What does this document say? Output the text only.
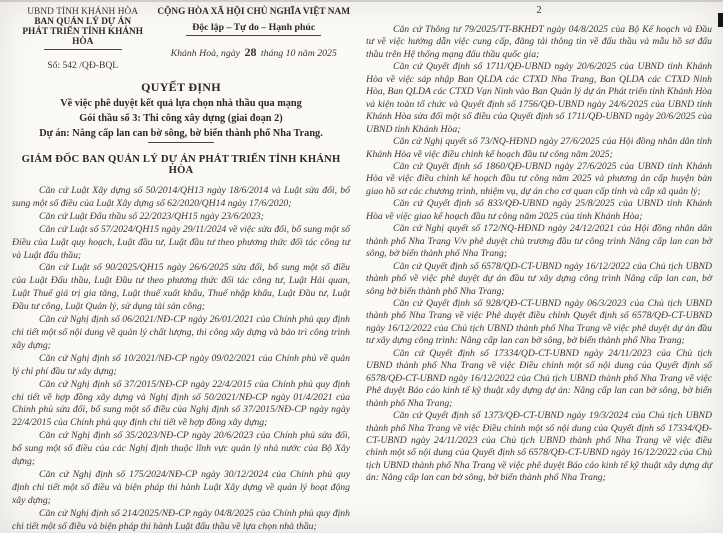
UBND TỈNH KHÁNH HÒA
BAN QUẢN LÝ DỰ ÁN
PHÁT TRIỂN TỈNH KHÁNH HÒA
Số: 542 /QĐ-BQL
CỘNG HÒA XÃ HỘI CHỦ NGHĨA VIỆT NAM
Độc lập – Tự do – Hạnh phúc
Khánh Hoà, ngày 28 tháng 10 năm 2025
QUYẾT ĐỊNH
Về việc phê duyệt kết quả lựa chọn nhà thầu qua mạng
Gói thầu số 3: Thi công xây dựng (giai đoạn 2)
Dự án: Nâng cấp lan can bờ sông, bờ biển thành phố Nha Trang.
GIÁM ĐỐC BAN QUẢN LÝ DỰ ÁN PHÁT TRIỂN TỈNH KHÁNH HÒA

Căn cứ Luật Xây dựng số 50/2014/QH13 ngày 18/6/2014 và Luật sửa đổi, bổ sung một số điều của Luật Xây dựng số 62/2020/QH14 ngày 17/6/2020;

Căn cứ Luật Đấu thầu số 22/2023/QH15 ngày 23/6/2023;

Căn cứ Luật số 57/2024/QH15 ngày 29/11/2024 về việc sửa đổi, bổ sung một số Điều của Luật quy hoạch, Luật đầu tư, Luật đầu tư theo phương thức đối tác công tư và Luật đấu thầu;

Căn cứ Luật số 90/2025/QH15 ngày 26/6/2025 sửa đổi, bổ sung một số điều của Luật Đấu thầu, Luật Đầu tư theo phương thức đối tác công tư, Luật Hải quan, Luật Thuế giá trị gia tăng, Luật thuế xuất khẩu, Thuế nhập khẩu, Luật Đầu tư, Luật Đầu tư công, Luật Quản lý, sử dụng tài sản công;

Căn cứ Nghị định số 06/2021/NĐ-CP ngày 26/01/2021 của Chính phủ quy định chi tiết một số nội dung về quản lý chất lượng, thi công xây dựng và bảo trì công trình xây dựng;

Căn cứ Nghị định số 10/2021/NĐ-CP ngày 09/02/2021 của Chính phủ về quản lý chi phí đầu tư xây dựng;

Căn cứ Nghị định số 37/2015/NĐ-CP ngày 22/4/2015 của Chính phủ quy định chi tiết về hợp đồng xây dựng và Nghị định số 50/2021/NĐ-CP ngày 01/4/2021 của Chính phủ sửa đổi, bổ sung một số điều của Nghị định số 37/2015/NĐ-CP ngày ngày 22/4/2015 của Chính phủ quy định chi tiết về hợp đồng xây dựng;

Căn cứ Nghị định số 35/2023/NĐ-CP ngày 20/6/2023 của Chính phủ sửa đổi, bổ sung một số điều của các Nghị định thuộc lĩnh vực quản lý nhà nước của Bộ Xây dựng;

Căn cứ Nghị định số 175/2024/NĐ-CP ngày 30/12/2024 của Chính phủ quy định chi tiết một số điều và biện pháp thi hành Luật Xây dựng về quản lý hoạt động xây dựng;

Căn cứ Nghị định số 214/2025/NĐ-CP ngày 04/8/2025 của Chính phủ quy định chi tiết một số điều và biện pháp thi hành Luật đấu thầu về lựa chọn nhà thầu;

2

Căn cứ Thông tư 79/2025/TT-BKHĐT ngày 04/8/2025 của Bộ Kế hoạch và Đầu tư về việc hướng dẫn việc cung cấp, đăng tải thông tin về đấu thầu và mẫu hồ sơ đấu thầu trên Hệ thống mạng đấu thầu quốc gia;

Căn cứ Quyết định số 1711/QĐ-UBND ngày 20/6/2025 của UBND tỉnh Khánh Hòa về việc sáp nhập Ban QLDA các CTXD Nha Trang, Ban QLDA các CTXD Ninh Hòa, Ban QLDA các CTXD Vạn Ninh vào Ban Quản lý dự án Phát triển tỉnh Khánh Hòa và kiện toàn tổ chức và Quyết định số 1756/QĐ-UBND ngày 24/6/2025 của UBND tỉnh Khánh Hòa sửa đổi một số điều của Quyết định số 1711/QĐ-UBND ngày 20/6/2025 của UBND tỉnh Khánh Hòa;

Căn cứ Nghị quyết số 73/NQ-HĐND ngày 27/6/2025 của Hội đồng nhân dân tỉnh Khánh Hòa về việc điều chỉnh kế hoạch đầu tư công năm 2025;

Căn cứ Quyết định số 1860/QĐ-UBND ngày 27/6/2025 của UBND tỉnh Khánh Hòa về việc điều chỉnh kế hoạch đầu tư công năm 2025 và phương án cấp huyện bàn giao hồ sơ các chương trình, nhiệm vụ, dự án cho cơ quan cấp tỉnh và cấp xã quản lý;

Căn cứ Quyết định số 833/QĐ-UBND ngày 25/8/2025 của UBND tỉnh Khánh Hòa về việc giao kế hoạch đầu tư công năm 2025 của tỉnh Khánh Hòa;

Căn cứ Nghị quyết số 172/NQ-HĐND ngày 24/12/2021 của Hội đồng nhân dân thành phố Nha Trang V/v phê duyệt chủ trương đầu tư công trình Nâng cấp lan can bờ sông, bờ biển thành phố Nha Trang;

Căn cứ Quyết định số 6578/QD-CT-UBND ngày 16/12/2022 của Chủ tịch UBND thành phố về việc phê duyệt dự án đầu tư xây dựng công trình Nâng cấp lan can, bờ sông bờ biển thành phố Nha Trang;

Căn cứ Quyết định số 928/QĐ-CT-UBND ngày 06/3/2023 của Chủ tịch UBND thành phố Nha Trang về việc Phê duyệt điều chỉnh Quyết định số 6578/QĐ-CT-UBND ngày 16/12/2022 của Chủ tịch UBND thành phố Nha Trang về việc phê duyệt dự án đầu tư xây dựng công trình: Nâng cấp lan can bờ sông, bờ biển thành phố Nha Trang;

Căn cứ Quyết định số 17334/QD-CT-UBND ngày 24/11/2023 của Chủ tịch UBND thành phố Nha Trang về việc Điều chỉnh một số nội dung của Quyết định số 6578/QĐ-CT-UBND ngày 16/12/2022 của Chủ tịch UBND thành phố Nha Trang về việc Phê duyệt Báo cáo kinh tế kỹ thuật xây dựng dự án: Nâng cấp lan can bờ sông, bờ biển thành phố Nha Trang;

Căn cứ Quyết định số 1373/QĐ-CT-UBND ngày 19/3/2024 của Chủ tịch UBND thành phố Nha Trang về việc Điều chỉnh một số nội dung của Quyết định số 17334/QĐ-CT-UBND ngày 24/11/2023 của Chủ tịch UBND thành phố Nha Trang về việc điều chỉnh một số nội dung của Quyết định số 6578/QĐ-CT-UBND ngày 16/12/2022 của Chủ tịch UBND thành phố Nha Trang về việc phê duyệt Báo cáo kinh tế kỹ thuật xây dựng dự án: Nâng cấp lan can bờ sông, bờ biển thành phố Nha Trang;
